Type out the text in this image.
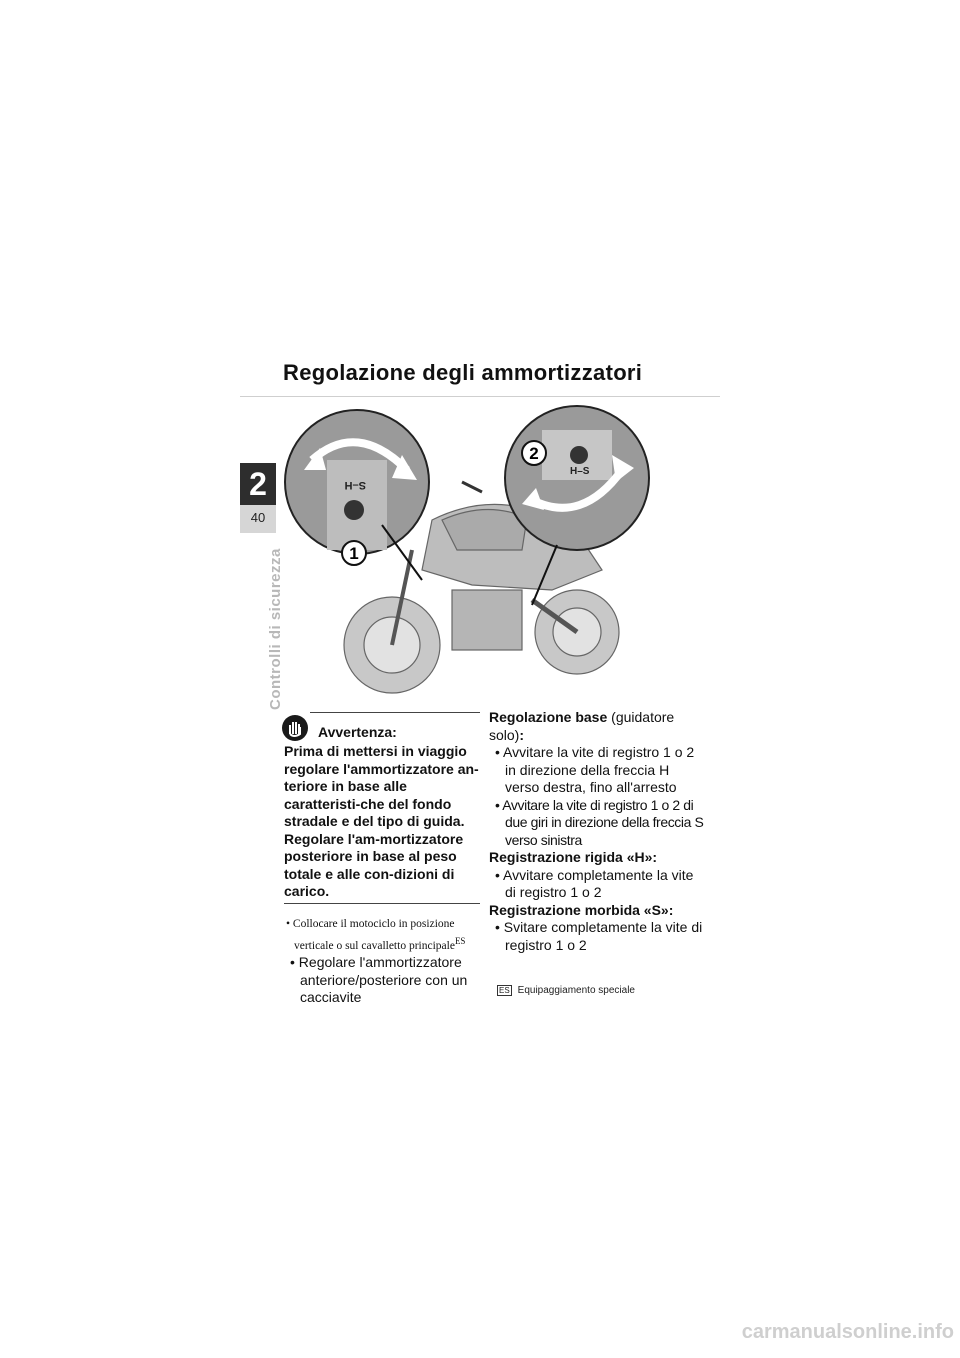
Regolazione degli ammortizzatori
2
40
Controlli di sicurezza
S–H
1
H–S
2
Avvertenza:
Prima di mettersi in viaggio regolare l'ammortizzatore an-teriore in base alle caratteristi-che del fondo stradale e del tipo di guida. Regolare l'am-mortizzatore posteriore in base al peso totale e alle con-dizioni di carico.
• Collocare il motociclo in posizione verticale o sul cavalletto principale$^{ES}$
• Regolare l'ammortizzatore anteriore/posteriore con un cacciavite
Regolazione base (guidatore solo):
• Avvitare la vite di registro 1 o 2 in direzione della freccia H verso destra, fino all'arresto
• Avvitare la vite di registro 1 o 2 di due giri in direzione della freccia S verso sinistra
Registrazione rigida «H»:
• Avvitare completamente la vite di registro 1 o 2
Registrazione morbida «S»:
• Svitare completamente la vite di registro 1 o 2
ES Equipaggiamento speciale
carmanualsonline.info
